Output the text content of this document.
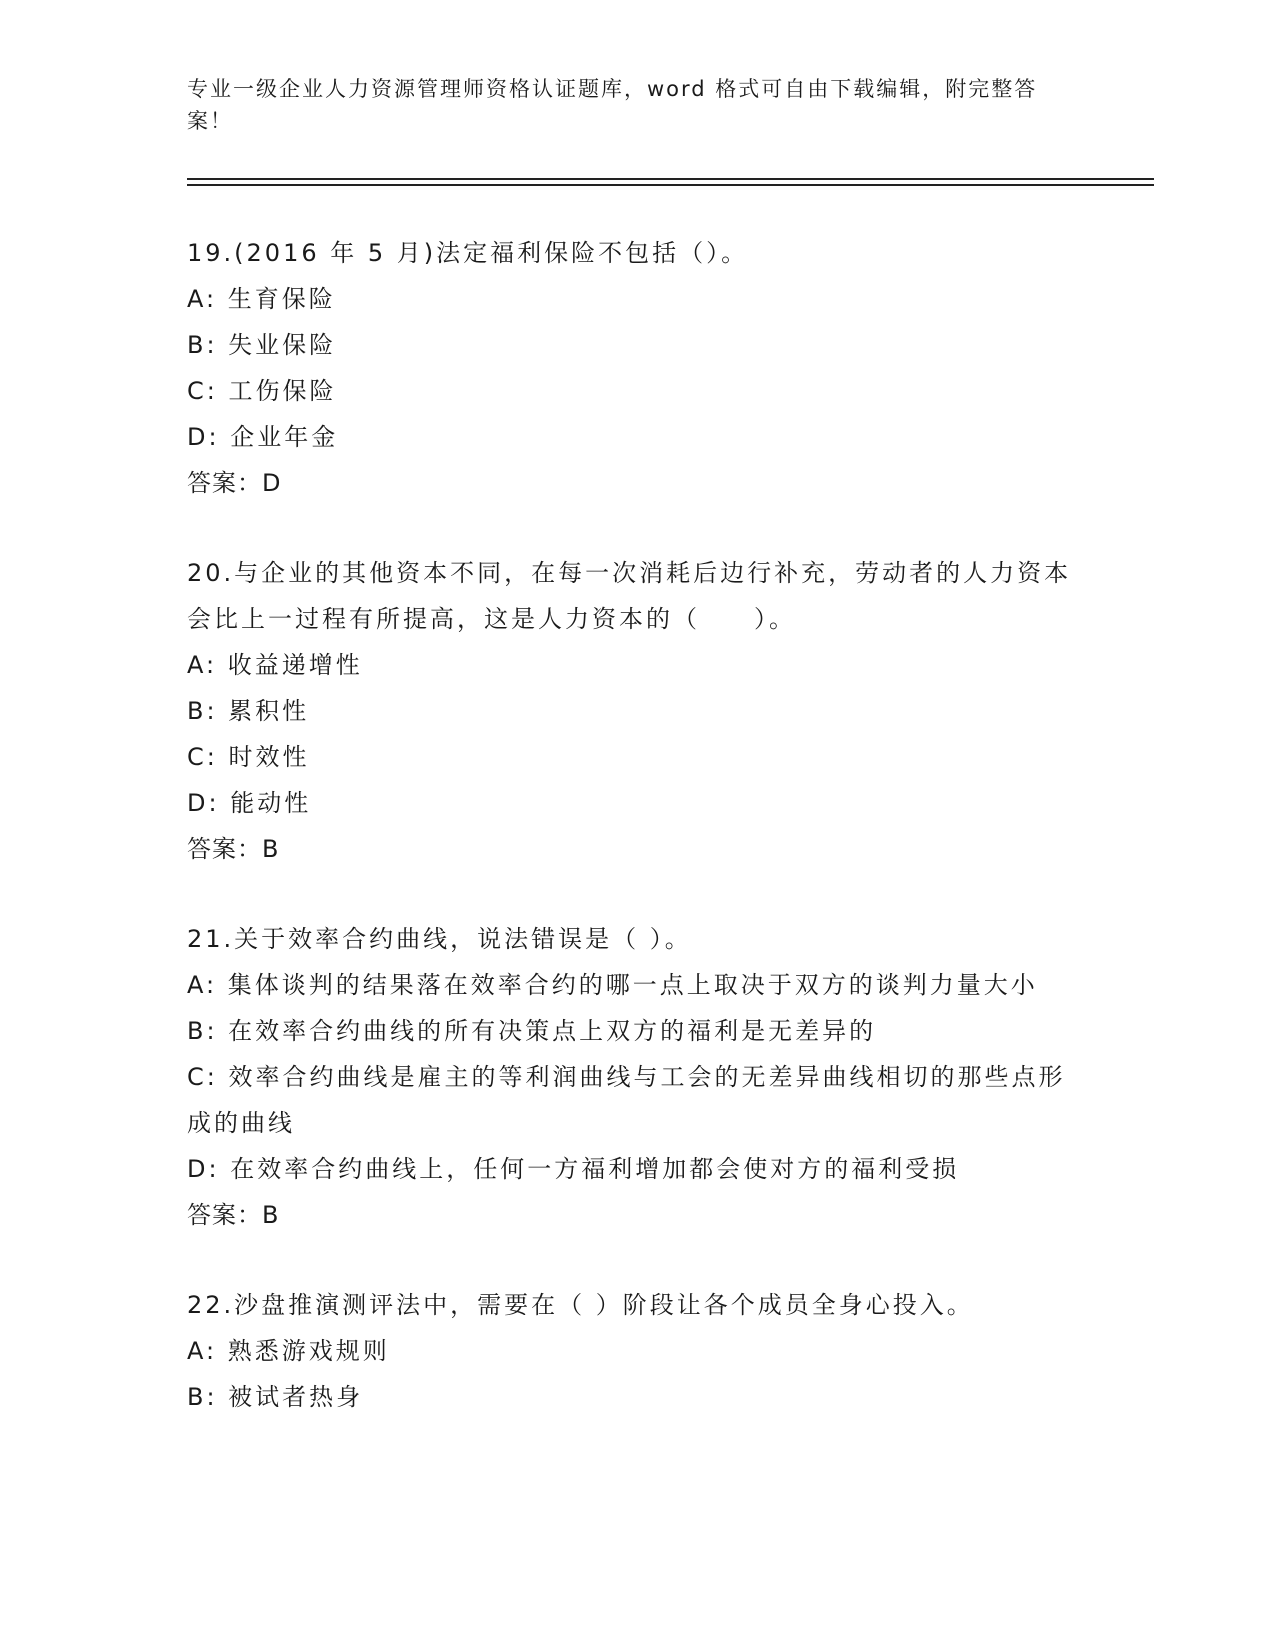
专业一级企业人力资源管理师资格认证题库，word 格式可自由下载编辑，附完整答案！

19.(2016 年 5 月)法定福利保险不包括（）。

A: 生育保险

B: 失业保险

C: 工伤保险

D: 企业年金

答案：D

20.与企业的其他资本不同，在每一次消耗后边行补充，劳动者的人力资本会比上一过程有所提高，这是人力资本的（　　）。

A: 收益递增性

B: 累积性

C: 时效性

D: 能动性

答案：B

21.关于效率合约曲线，说法错误是（ ）。

A: 集体谈判的结果落在效率合约的哪一点上取决于双方的谈判力量大小

B: 在效率合约曲线的所有决策点上双方的福利是无差异的

C: 效率合约曲线是雇主的等利润曲线与工会的无差异曲线相切的那些点形成的曲线

D: 在效率合约曲线上，任何一方福利增加都会使对方的福利受损

答案：B

22.沙盘推演测评法中，需要在（ ）阶段让各个成员全身心投入。

A: 熟悉游戏规则

B: 被试者热身
